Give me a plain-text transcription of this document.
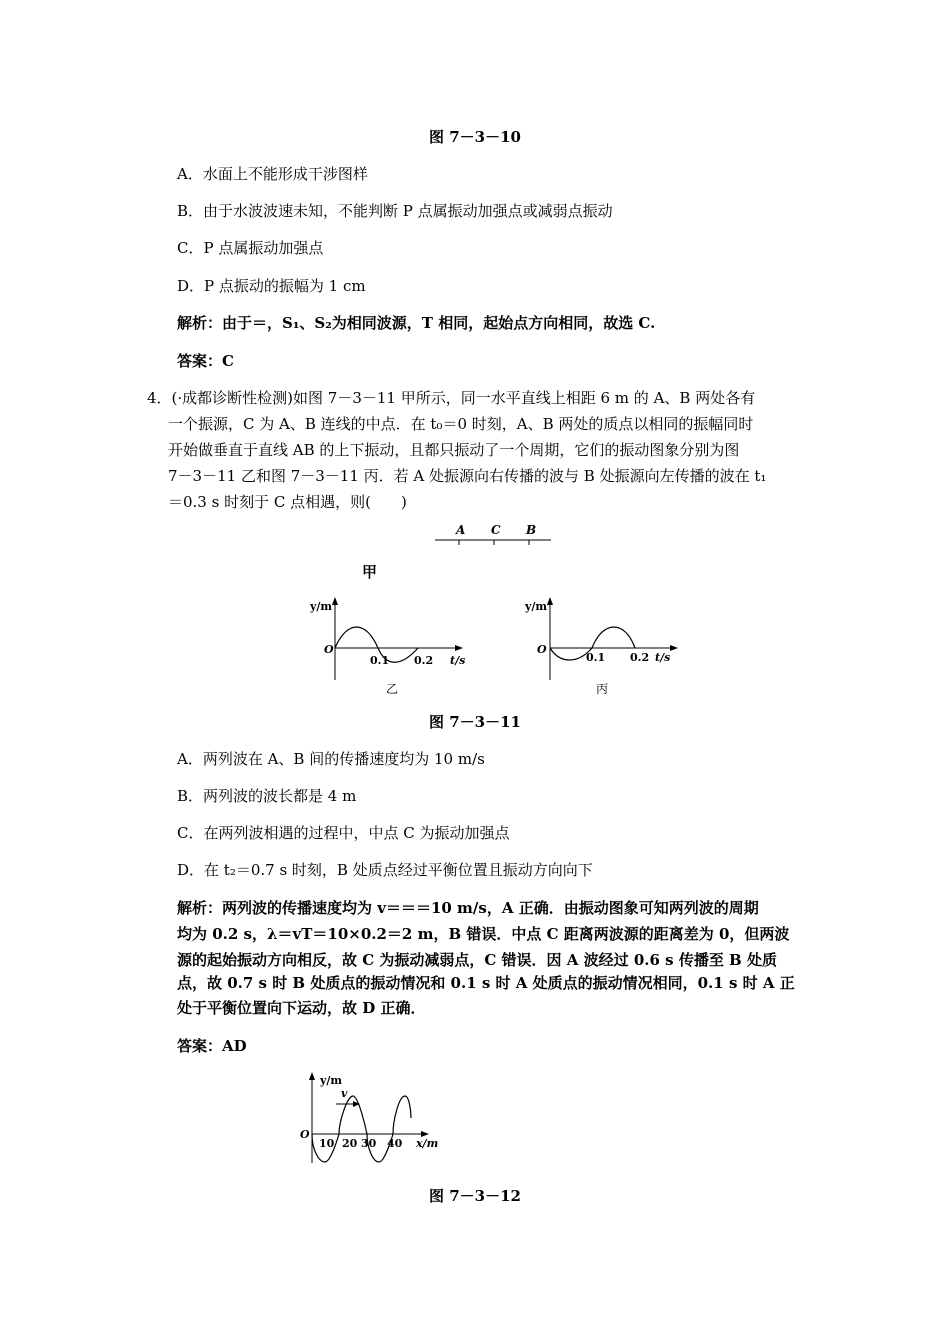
图 7－3－10
A．水面上不能形成干涉图样
B．由于水波波速未知，不能判断 P 点属振动加强点或减弱点振动
C．P 点属振动加强点
D．P 点振动的振幅为 1 cm
解析：由于＝，S₁、S₂为相同波源，T 相同，起始点方向相同，故选 C.
答案：C
4．(·成都诊断性检测)如图 7－3－11 甲所示，同一水平直线上相距 6 m 的 A、B 两处各有
一个振源，C 为 A、B 连线的中点．在 t₀＝0 时刻，A、B 两处的质点以相同的振幅同时
开始做垂直于直线 AB 的上下振动，且都只振动了一个周期，它们的振动图象分别为图
7－3－11 乙和图 7－3－11 丙．若 A 处振源向右传播的波与 B 处振源向左传播的波在 t₁
＝0.3 s 时刻于 C 点相遇，则(　　)
A C B
甲
y/m
O
0.1 0.2 t/s
乙
y/m
O
0.1 0.2 t/s
丙
图 7－3－11
A．两列波在 A、B 间的传播速度均为 10 m/s
B．两列波的波长都是 4 m
C．在两列波相遇的过程中，中点 C 为振动加强点
D．在 t₂＝0.7 s 时刻，B 处质点经过平衡位置且振动方向向下
解析：两列波的传播速度均为 v＝＝＝10 m/s，A 正确．由振动图象可知两列波的周期
均为 0.2 s，λ＝vT＝10×0.2＝2 m，B 错误．中点 C 距离两波源的距离差为 0，但两波
源的起始振动方向相反，故 C 为振动减弱点，C 错误．因 A 波经过 0.6 s 传播至 B 处质
点，故 0.7 s 时 B 处质点的振动情况和 0.1 s 时 A 处质点的振动情况相同，0.1 s 时 A 正
处于平衡位置向下运动，故 D 正确．
答案：AD
y/m
O
v
10 20 30 40 x/m
图 7－3－12
